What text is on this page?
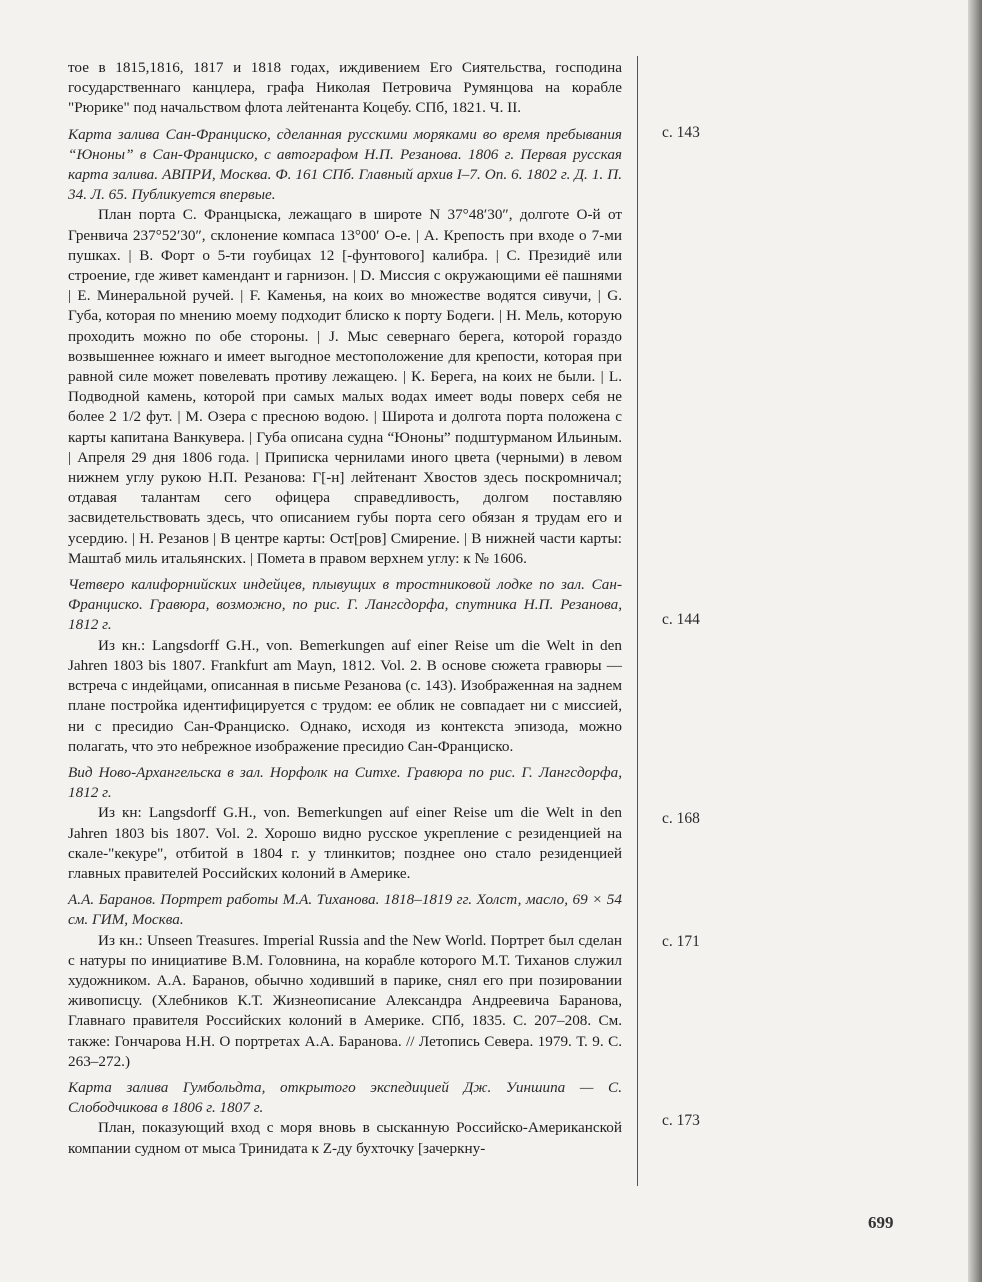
тое в 1815,1816, 1817 и 1818 годах, иждивением Его Сиятельства, господина государственнаго канцлера, графа Николая Петровича Румянцова на корабле "Рюрике" под начальством флота лейтенанта Коцебу. СПб, 1821. Ч. II.

Карта залива Сан-Франциско, сделанная русскими моряками во время пребывания “Юноны” в Сан-Франциско, с автографом Н.П. Резанова. 1806 г. Первая русская карта залива. АВПРИ, Москва. Ф. 161 СПб. Главный архив I–7. Оп. 6. 1802 г. Д. 1. П. 34. Л. 65. Публикуется впервые.

План порта С. Францыска, лежащаго в широте N 37°48′30″, долготе О-й от Гренвича 237°52′30″, склонение компаса 13°00′ О-е. | А. Крепость при входе о 7-ми пушках. | В. Форт о 5-ти гоубицах 12 [-фунтового] калибра. | С. Президиё или строение, где живет камендант и гарнизон. | D. Миссия с окружающими её пашнями | Е. Минеральной ручей. | F. Каменья, на коих во множестве водятся сивучи, | G. Губа, которая по мнению моему подходит блиско к порту Бодеги. | Н. Мель, которую проходить можно по обе стороны. | J. Мыс севернаго берега, которой гораздо возвышеннее южнаго и имеет выгодное местоположение для крепости, которая при равной силе может повелевать противу лежащею. | К. Берега, на коих не были. | L. Подводной камень, которой при самых малых водах имеет воды поверх себя не более 2 1/2 фут. | М. Озера с пресною водою. | Широта и долгота порта положена с карты капитана Ванкувера. | Губа описана судна “Юноны” подштурманом Ильиным. | Апреля 29 дня 1806 года. | Приписка чернилами иного цвета (черными) в левом нижнем углу рукою Н.П. Резанова: Г[-н] лейтенант Хвостов здесь поскромничал; отдавая талантам сего офицера справедливость, долгом поставляю засвидетельствовать здесь, что описанием губы порта сего обязан я трудам его и усердию. | Н. Резанов | В центре карты: Ост[ров] Смирение. | В нижней части карты: Маштаб миль итальянских. | Помета в правом верхнем углу: к № 1606.

Четверо калифорнийских индейцев, плывущих в тростниковой лодке по зал. Сан-Франциско. Гравюра, возможно, по рис. Г. Лангсдорфа, спутника Н.П. Резанова, 1812 г.

Из кн.: Langsdorff G.H., von. Bemerkungen auf einer Reise um die Welt in den Jahren 1803 bis 1807. Frankfurt am Mayn, 1812. Vol. 2. В основе сюжета гравюры — встреча с индейцами, описанная в письме Резанова (с. 143). Изображенная на заднем плане постройка идентифицируется с трудом: ее облик не совпадает ни с миссией, ни с пресидио Сан-Франциско. Однако, исходя из контекста эпизода, можно полагать, что это небрежное изображение пресидио Сан-Франциско.

Вид Ново-Архангельска в зал. Норфолк на Ситхе. Гравюра по рис. Г. Лангсдорфа, 1812 г.

Из кн: Langsdorff G.H., von. Bemerkungen auf einer Reise um die Welt in den Jahren 1803 bis 1807. Vol. 2. Хорошо видно русское укрепление с резиденцией на скале-"кекуре", отбитой в 1804 г. у тлинкитов; позднее оно стало резиденцией главных правителей Российских колоний в Америке.

А.А. Баранов. Портрет работы М.А. Тиханова. 1818–1819 гг. Холст, масло, 69 × 54 см. ГИМ, Москва.

Из кн.: Unseen Treasures. Imperial Russia and the New World. Портрет был сделан с натуры по инициативе В.М. Головнина, на корабле которого М.Т. Тиханов служил художником. А.А. Баранов, обычно ходивший в парике, снял его при позировании живописцу. (Хлебников К.Т. Жизнеописание Александра Андреевича Баранова, Главнаго правителя Российских колоний в Америке. СПб, 1835. С. 207–208. См. также: Гончарова Н.Н. О портретах А.А. Баранова. // Летопись Севера. 1979. Т. 9. С. 263–272.)

Карта залива Гумбольдта, открытого экспедицией Дж. Уиншипа — С. Слободчикова в 1806 г. 1807 г.

План, показующий вход с моря вновь в сысканную Российско-Американской компании судном от мыса Тринидата к Z-ду бухточку [зачеркну-

с. 143
с. 144
с. 168
с. 171
с. 173
699
